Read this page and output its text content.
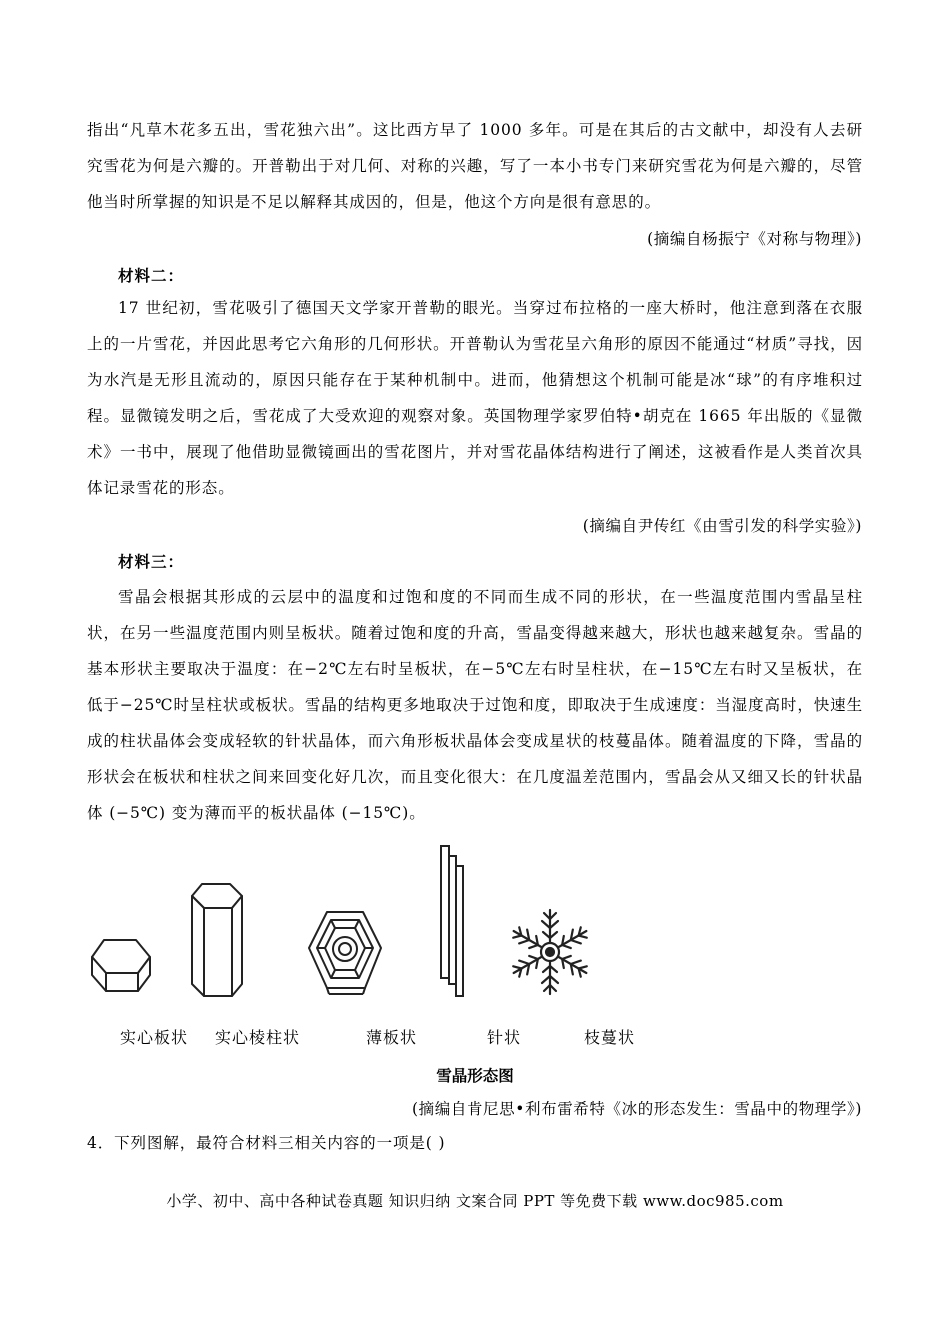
指出“凡草木花多五出，雪花独六出”。这比西方早了 1000 多年。可是在其后的古文献中，却没有人去研究雪花为何是六瓣的。开普勒出于对几何、对称的兴趣，写了一本小书专门来研究雪花为何是六瓣的，尽管他当时所掌握的知识是不足以解释其成因的，但是，他这个方向是很有意思的。

(摘编自杨振宁《对称与物理》)

材料二：

17 世纪初，雪花吸引了德国天文学家开普勒的眼光。当穿过布拉格的一座大桥时，他注意到落在衣服上的一片雪花，并因此思考它六角形的几何形状。开普勒认为雪花呈六角形的原因不能通过“材质”寻找，因为水汽是无形且流动的，原因只能存在于某种机制中。进而，他猜想这个机制可能是冰“球”的有序堆积过程。显微镜发明之后，雪花成了大受欢迎的观察对象。英国物理学家罗伯特•胡克在 1665 年出版的《显微术》一书中，展现了他借助显微镜画出的雪花图片，并对雪花晶体结构进行了阐述，这被看作是人类首次具体记录雪花的形态。

(摘编自尹传红《由雪引发的科学实验》)

材料三：

雪晶会根据其形成的云层中的温度和过饱和度的不同而生成不同的形状，在一些温度范围内雪晶呈柱状，在另一些温度范围内则呈板状。随着过饱和度的升高，雪晶变得越来越大，形状也越来越复杂。雪晶的基本形状主要取决于温度：在−2℃左右时呈板状，在−5℃左右时呈柱状，在−15℃左右时又呈板状，在低于−25℃时呈柱状或板状。雪晶的结构更多地取决于过饱和度，即取决于生成速度：当湿度高时，快速生成的柱状晶体会变成轻软的针状晶体，而六角形板状晶体会变成星状的枝蔓晶体。随着温度的下降，雪晶的形状会在板状和柱状之间来回变化好几次，而且变化很大：在几度温差范围内，雪晶会从又细又长的针状晶体 (−5℃) 变为薄而平的板状晶体 (−15℃)。

实心板状 实心棱柱状	薄板状	针状	枝蔓状

雪晶形态图

(摘编自肯尼思•利布雷希特《冰的形态发生：雪晶中的物理学》)

4．下列图解，最符合材料三相关内容的一项是( )

小学、初中、高中各种试卷真题 知识归纳 文案合同 PPT 等免费下载 www.doc985.com
